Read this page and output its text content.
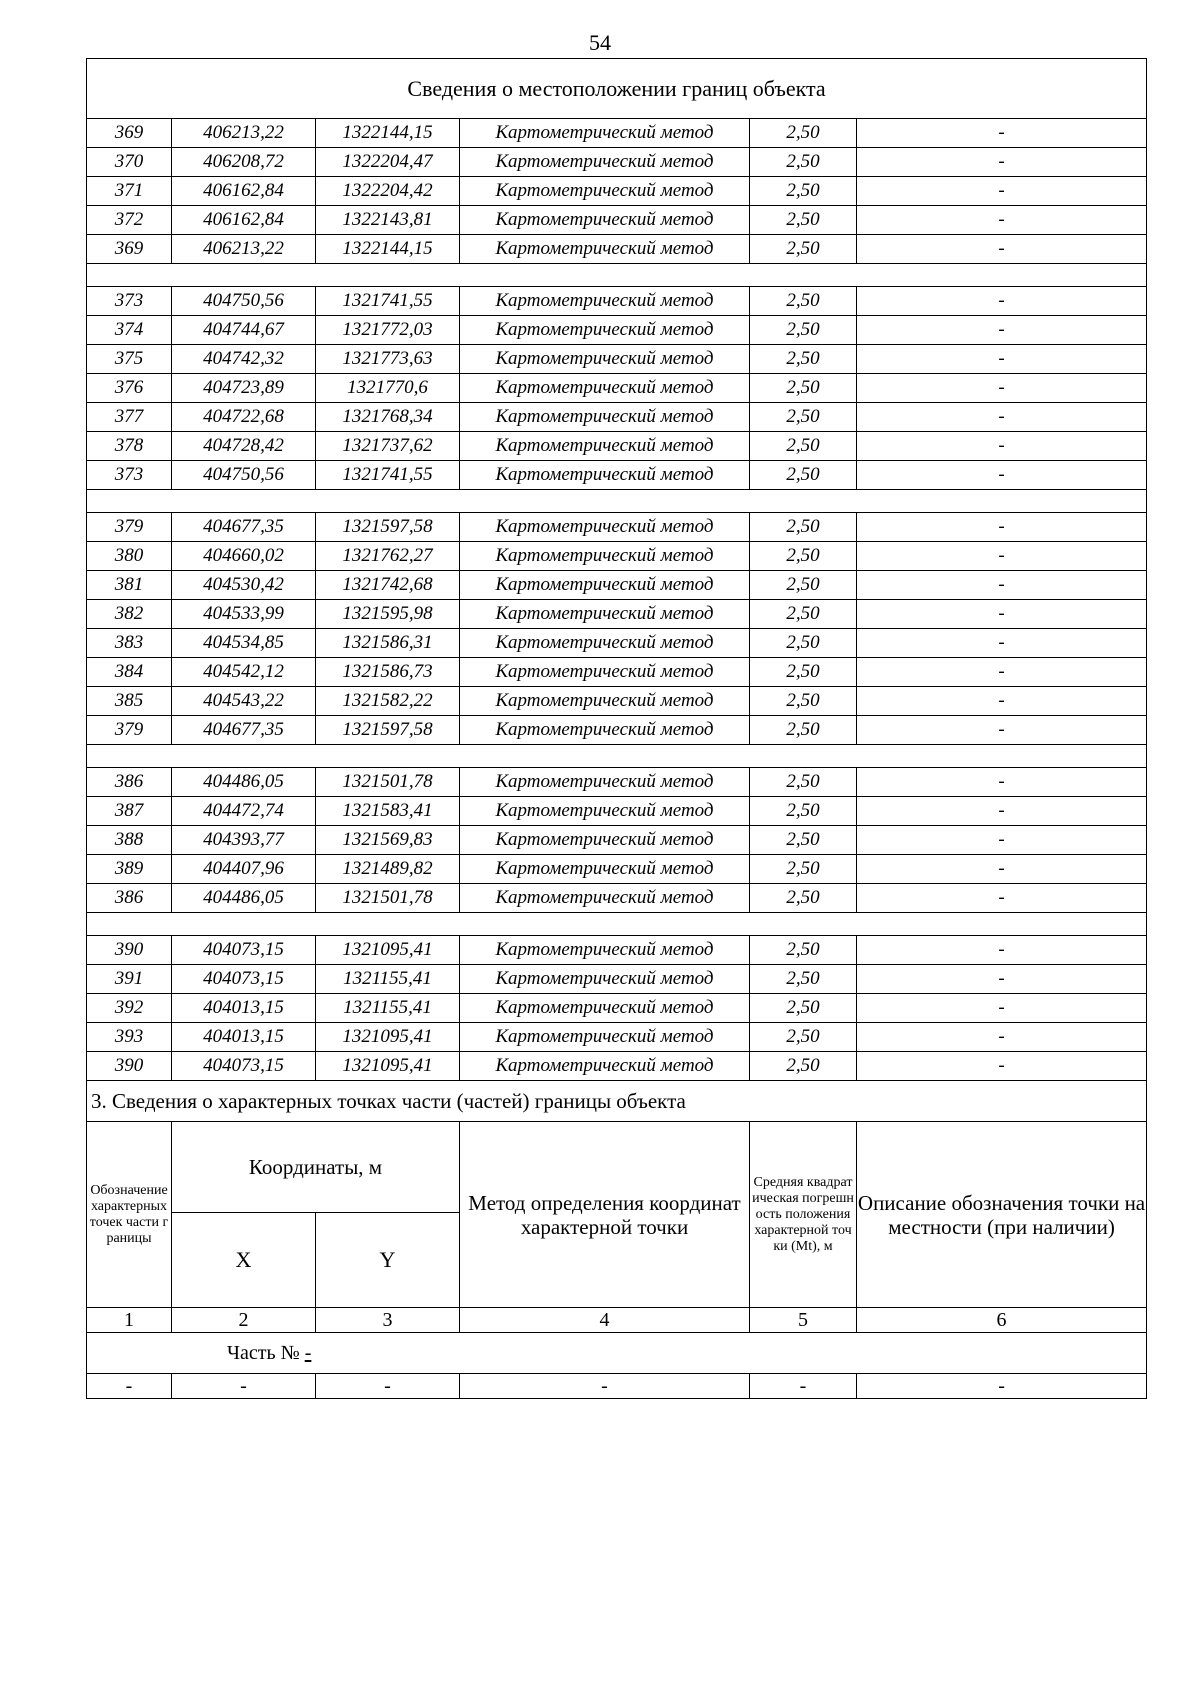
54
Сведения о местоположении границ объекта					
369	406213,22	1322144,15	Картометрический метод	2,50	-
370	406208,72	1322204,47	Картометрический метод	2,50	-
371	406162,84	1322204,42	Картометрический метод	2,50	-
372	406162,84	1322143,81	Картометрический метод	2,50	-
369	406213,22	1322144,15	Картометрический метод	2,50	-

373	404750,56	1321741,55	Картометрический метод	2,50	-
374	404744,67	1321772,03	Картометрический метод	2,50	-
375	404742,32	1321773,63	Картометрический метод	2,50	-
376	404723,89	1321770,6	Картометрический метод	2,50	-
377	404722,68	1321768,34	Картометрический метод	2,50	-
378	404728,42	1321737,62	Картометрический метод	2,50	-
373	404750,56	1321741,55	Картометрический метод	2,50	-

379	404677,35	1321597,58	Картометрический метод	2,50	-
380	404660,02	1321762,27	Картометрический метод	2,50	-
381	404530,42	1321742,68	Картометрический метод	2,50	-
382	404533,99	1321595,98	Картометрический метод	2,50	-
383	404534,85	1321586,31	Картометрический метод	2,50	-
384	404542,12	1321586,73	Картометрический метод	2,50	-
385	404543,22	1321582,22	Картометрический метод	2,50	-
379	404677,35	1321597,58	Картометрический метод	2,50	-

386	404486,05	1321501,78	Картометрический метод	2,50	-
387	404472,74	1321583,41	Картометрический метод	2,50	-
388	404393,77	1321569,83	Картометрический метод	2,50	-
389	404407,96	1321489,82	Картометрический метод	2,50	-
386	404486,05	1321501,78	Картометрический метод	2,50	-

390	404073,15	1321095,41	Картометрический метод	2,50	-
391	404073,15	1321155,41	Картометрический метод	2,50	-
392	404013,15	1321155,41	Картометрический метод	2,50	-
393	404013,15	1321095,41	Картометрический метод	2,50	-
390	404073,15	1321095,41	Картометрический метод	2,50	-
3. Сведения о характерных точках части (частей) границы объекта					
Обозначение характерных точек части границы	Координаты, м		Метод определения координат характерной точки	Средняя квадратическая погрешность положения характерной точки (Mt), м	Описание обозначения точки на местности (при наличии)
	X	Y			
1	2	3	4	5	6
Часть № -					
-	-	-	-	-	-
